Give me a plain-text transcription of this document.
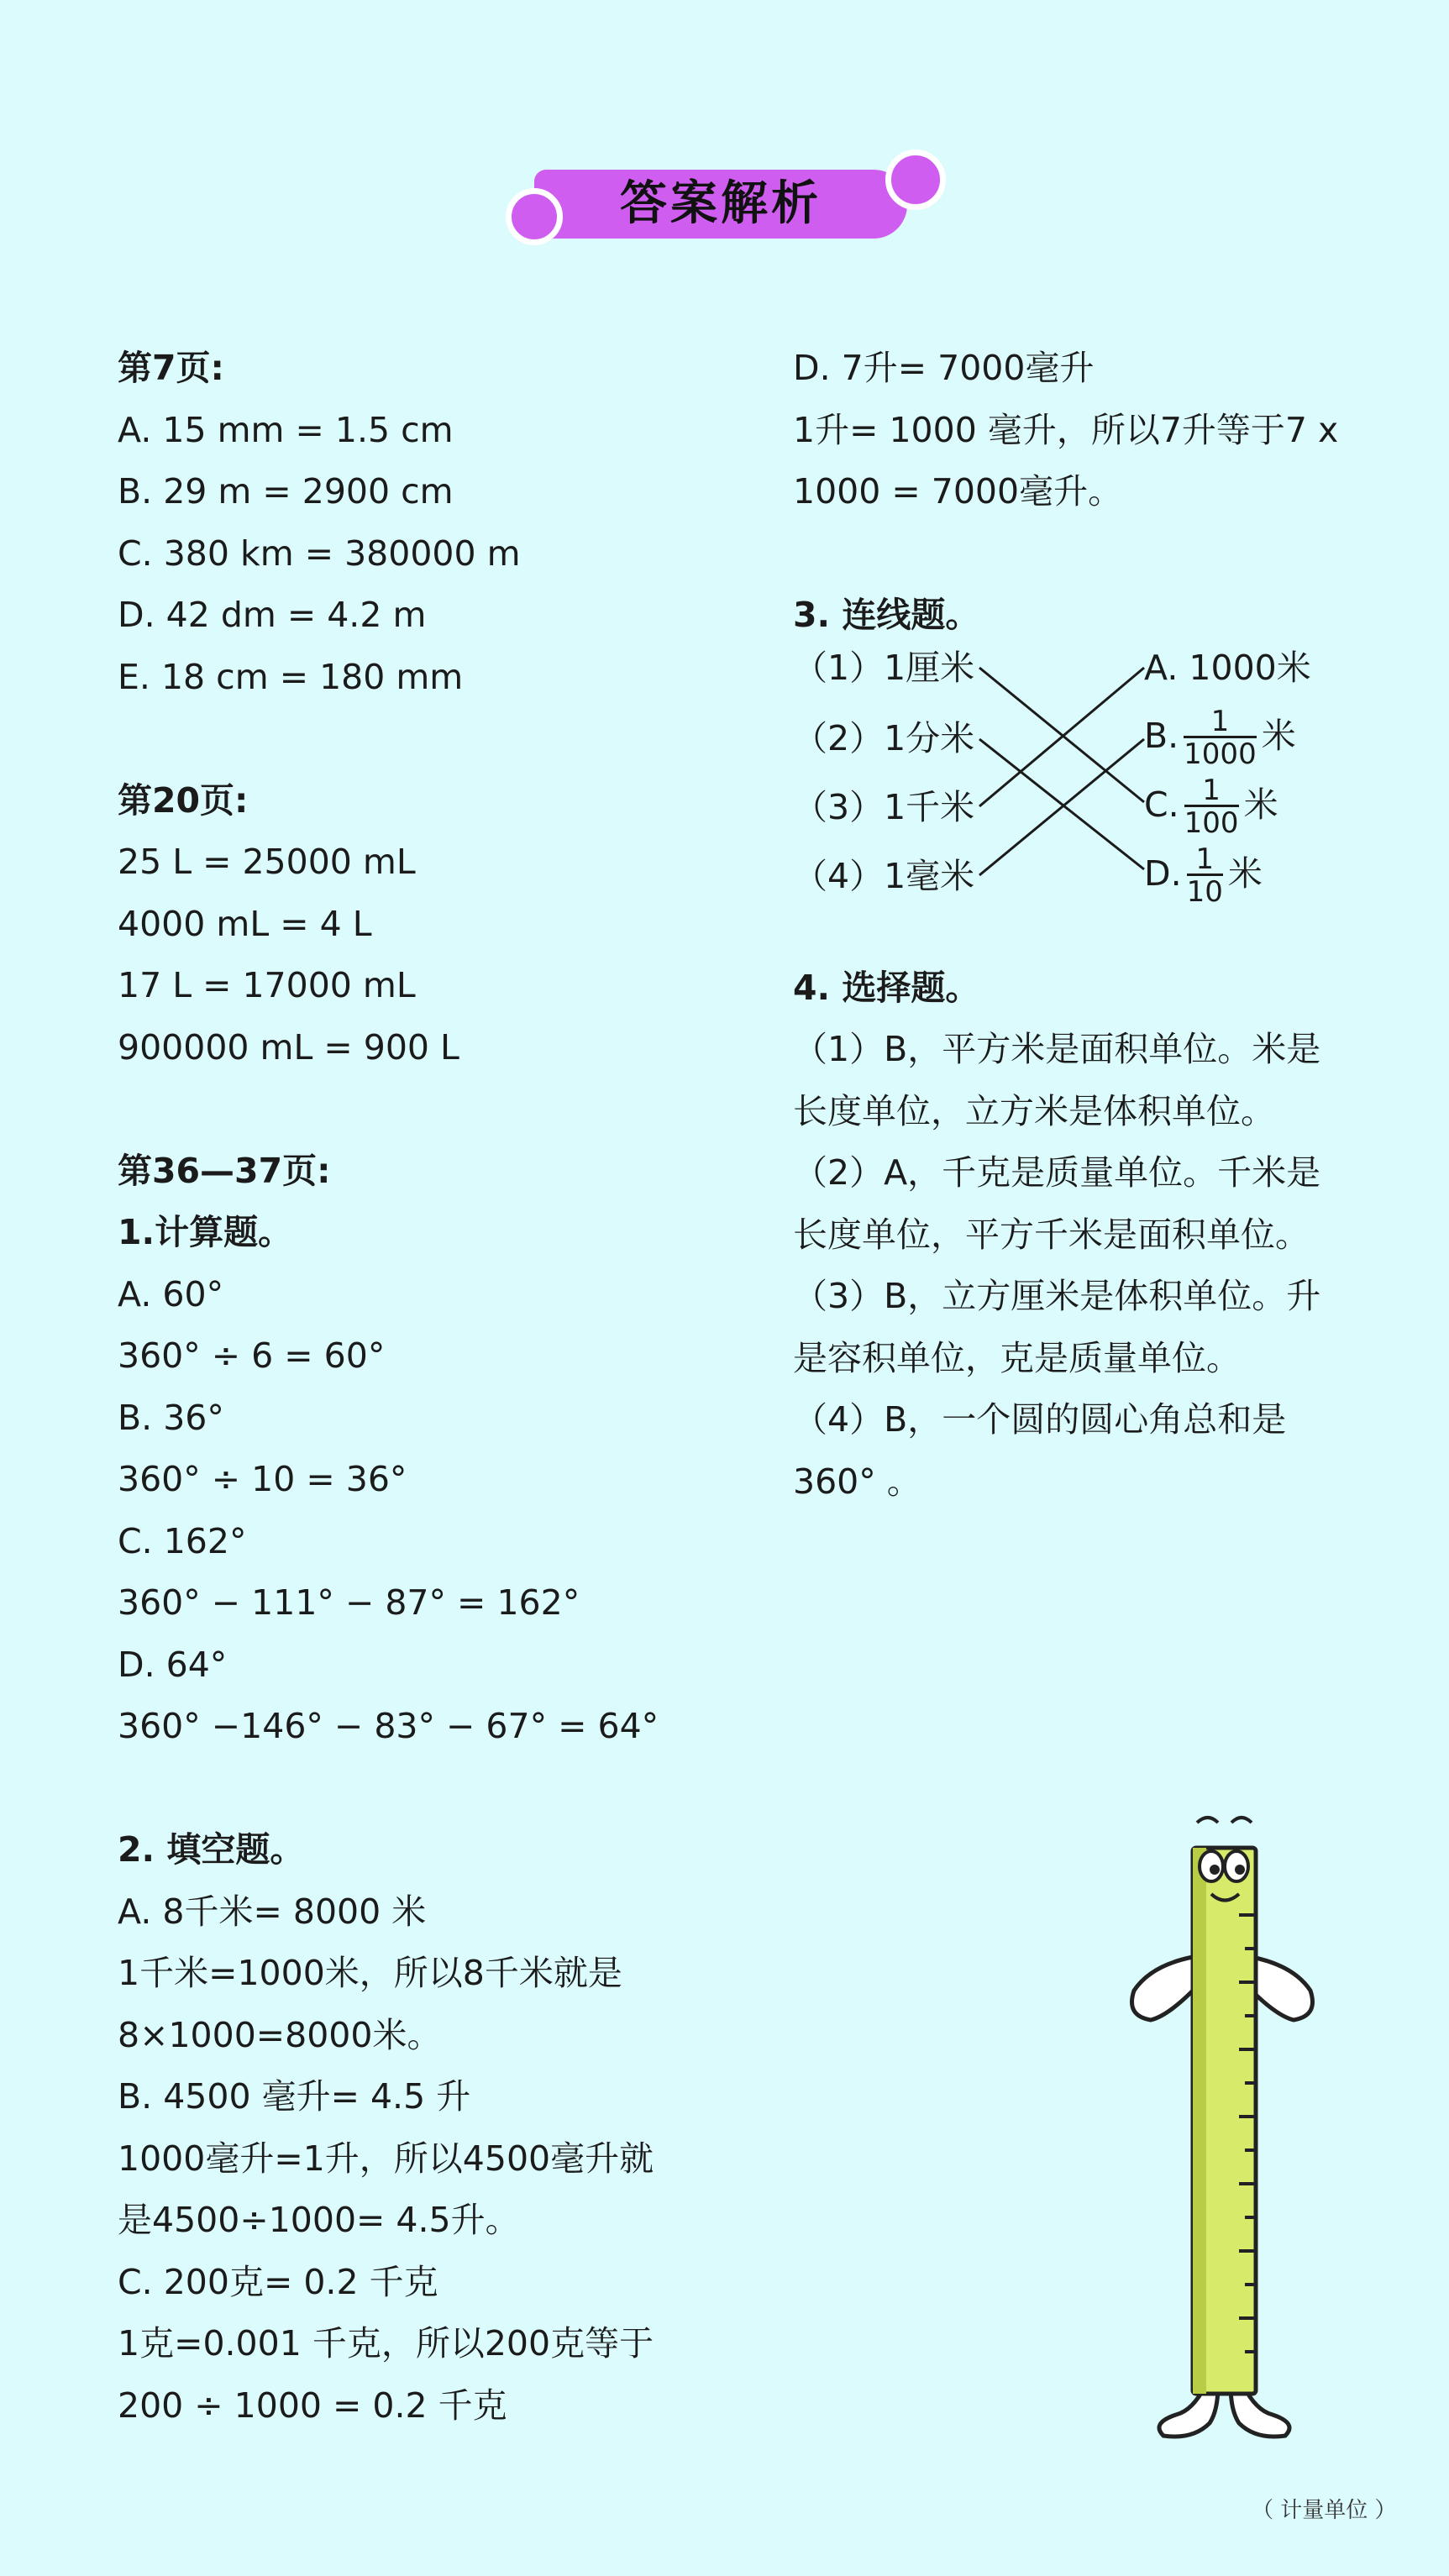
答案解析
第7页:
A. 15 mm = 1.5 cm
B. 29 m = 2900 cm
C. 380 km = 380000 m
D. 42 dm = 4.2 m
E. 18 cm = 180 mm
第20页:
25 L = 25000 mL
4000 mL = 4 L
17 L = 17000 mL
900000 mL = 900 L
第36—37页:
1.计算题。
A. 60°
360° ÷ 6 = 60°
B. 36°
360° ÷ 10 = 36°
C. 162°
360° − 111° − 87° = 162°
D. 64°
360° −146° − 83° − 67° = 64°
2. 填空题。
A. 8千米= 8000 米
1千米=1000米，所以8千米就是
8×1000=8000米。
B. 4500 毫升= 4.5 升
1000毫升=1升，所以4500毫升就
是4500÷1000= 4.5升。
C. 200克= 0.2 千克
1克=0.001 千克，所以200克等于
200 ÷ 1000 = 0.2 千克
D. 7升= 7000毫升
1升= 1000 毫升，所以7升等于7 x
1000 = 7000毫升。
3. 连线题。
（1）1厘米
（2）1分米
（3）1千米
（4）1毫米
A. 1000米
B. $\frac{1}{1000}$ 米
C. $\frac{1}{100}$ 米
D. $\frac{1}{10}$ 米
4. 选择题。
（1）B，平方米是面积单位。米是
长度单位，立方米是体积单位。
（2）A，千克是质量单位。千米是
长度单位，平方千米是面积单位。
（3）B，立方厘米是体积单位。升
是容积单位，克是质量单位。
（4）B，一个圆的圆心角总和是
360° 。
（ 计量单位 ）
